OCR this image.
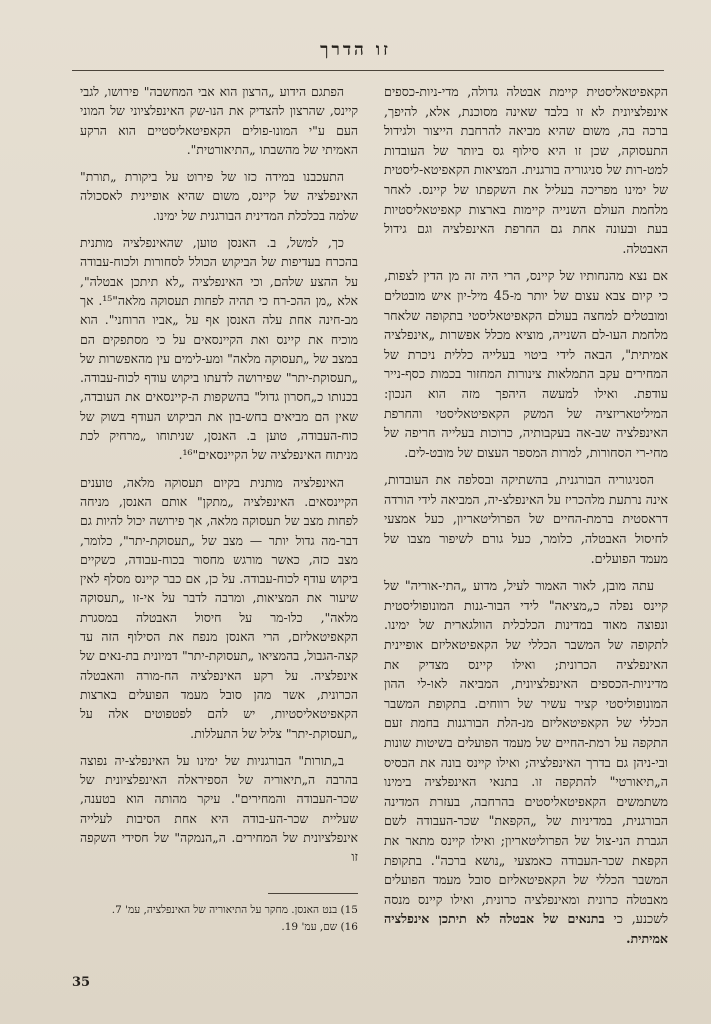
זו הדרך

הקאפיטאליסטית קיימת אבטלה גדולה, מדי-ניות-כספים אינפלציונית לא זו בלבד שאינה מסוכנת, אלא, להיפך, ברכה בה, משום שהיא מביאה להרחבת הייצור ולגידול התעסוקה, שכן זו היא סילוף גס ביותר של העובדות למט-רות של סניגוריה בורגנית. המציאות הקאפיטא-ליסטית של ימינו מפריכה בעליל את השקפתו של קיינס. לאחר מלחמת העולם השנייה קיימות בארצות קאפיטאליסטיות בעת ובעונה אחת גם החרפת האינפלציה וגם גידול האבטלה.

אם נצא מהנחותיו של קיינס, הרי היה זה מן הדין לצפות, כי קיום צבא עצום של יותר מ-45 מיל-יון איש מובטלים ומובטלים למחצה בעולם הקאפיטאליסטי בתקופה שלאחר מלחמת העו-לם השנייה, מוציא מכלל אפשרות „אינפלציה אמיתית", הבאה לידי ביטוי בעלייה כללית ניכרת של המחירים עקב התמלאות צינורות המחזור בכמות כסף-נייר עודפת. ואילו למעשה היהפך מזה הוא הנכון: המיליטאריזציה של המשק הקאפיטאליסטי והחרפת האינפלציה שב-אה בעקבותיה, כרוכות בעלייה חריפה של מחי-רי הסחורות, למרות המספר העצום של מובט-לים.

הסניגוריה הבורגנית, בהשתיקה ובסלפה את העובדות, אינה נרתעת מלהכריז על האינפלצ-יה, המביאה לידי הורדה דראסטית ברמת-החיים של הפרוליטאריון, כעל אמצעי לחיסול האבטלה, כלומר, כעל גורם לשיפור מצבו של מעמד הפועלים.

עתה מובן, לאור האמור לעיל, מדוע „התי-אוריה" של קיינס נפלה כ„מציאה" לידי הבור-גנות המונופוליסטית ונפוצה מאוד במדינות הכלכלית הוולגארית של ימינו. לתקופה של המשבר הכללי של הקאפיטאליזם אופיינית האינפלציה הכרונית; ואילו קיינס מצדיק את מדיניות-הכספים האינפלציונית, המביאה לאו-לי ההון המונופוליסטי קציר עשיר של רווחים. בתקופת המשבר הכללי של הקאפיטאליזם מנ-הלת הבורגנות בחמת זעם התקפה על רמת-החיים של מעמד הפועלים בשיטות שונות ובי-ניהן גם בדרך האינפלציה; ואילו קיינס בונה את הבסיס ה„תיאורטי" להתקפה זו. בתנאי האינפלציה בימינו משתמשים הקאפיטאליסטים בהרחבה, בעזרת המדינה הבורגנית, במדיניות של „הקפאת" שכר-העבודה לשם הגברת הני-צול של הפרוליטאריון; ואילו קיינס מתאר את הקפאת שכר-העבודה כאמצעי „נושא ברכה". בתקופת המשבר הכללי של הקאפיטאליזם סובל מעמד הפועלים מאבטלה כרונית ומאינפלציה כרונית, ואילו קיינס מנסה לשכנע, כי בתנאים של אבטלה לא תיתכן אינפלציה אמיתית.

הפתגם הידוע „הרצון הוא אבי המחשבה" פירושו, לגבי קיינס, שהרצון להצדיק את הנו-שק האינפלציוני של המוני העם ע"י המונו-פולים הקאפיטאליסטיים הוא הרקע האמיתי של מהשבתו „התיאורטית".

התעכבנו במידה כזו של פירוט על ביקורת „תורת" האינפלציה של קיינס, משום שהיא אופיינית לאסכולה שלמה בכלכלת המדינית הבורגנית של ימינו.

כך, למשל, ב. האנסן טוען, שהאינפלציה מותנית בהכרח בעדיפות של הביקוש הכולל לסחורות ולכוח-עבודה על ההצע שלהם, וכי האינפלציה „לא תיתכן אבטלה", אלא „מן ההכ-רח כי תהיה לפחות תעסוקה מלאה"¹⁵. אך מב-חינה אחת עלה האנסן אף על „אביו הרוחני". הוא מוכיח את קיינס ואת הקיינסאים על כי מסתפקים הם במצב של „תעסוקה מלאה" ומע-לימים עין מהאפשרות של „תעסוקת-יתר" שפירושה לדעתו ביקוש עודף לכוח-עבודה. בכנותו כ„חסרון גדול" בהשקפות ה-קיינסאים את העובדה, שאין הם מביאים בחש-בון את הביקוש העודף בשוק של כוח-העבודה, טוען ב. האנסן, שניתוחו „מרחיק לכת מניתוח האינפלציה של הקיינסאים"¹⁶.

האינפלציה מותנית בקיום תעסוקה מלאה, טוענים הקיינסאים. האינפלציה „מתקן" אותם האנסן, מניחה לפחות מצב של תעסוקה מלאה, אך פירושה יכול להיות גם דבר-מה גדול יותר — מצב של „תעסוקת-יתר", כלומר, מצב כזה, כאשר מורגש מחסור בכוח-עבודה, כשקיים ביקוש עודף לכוח-עבודה. על כן, אם כבר קיינס מסלף לאין שיעור את המציאות, ומרבה לדבר על אי-זו „תעסוקה מלאה", כלו-מר על חיסול האבטלה במסגרת הקאפיטאליזם, הרי האנסן מנפח את הסילוף הזה עד קצה-הגבול, בהמציאו „תעסוקת-יתר" דמיונית בת-נאים של אינפלציה. על רקע האינפלציה הח-מורה והאבטלה הכרונית, אשר מהן סובל מעמד הפועלים בארצות הקאפיטאליסטיות, יש להם לפטפוטים אלה על „תעסוקת-יתר" צליל של התעללות.

ב„תורות" הבורגניות של ימינו על האינפלצ-יה נפוצה בהרבה ה„תיאוריה של הספיראלה האינפלציונית של שכר-העבודה והמחירים". עיקר מהותה הוא בטענה, שעליית שכר-הע-בודה היא אחת הסיבות לעלייה אינפלציונית של המחירים. ה„הנמקה" של חסידי השקפה זו

15) בנט האנסן. מחקר על התיאוריה של האינפלציה, עמ' 7.
16) שם, עמ' 19.
35
